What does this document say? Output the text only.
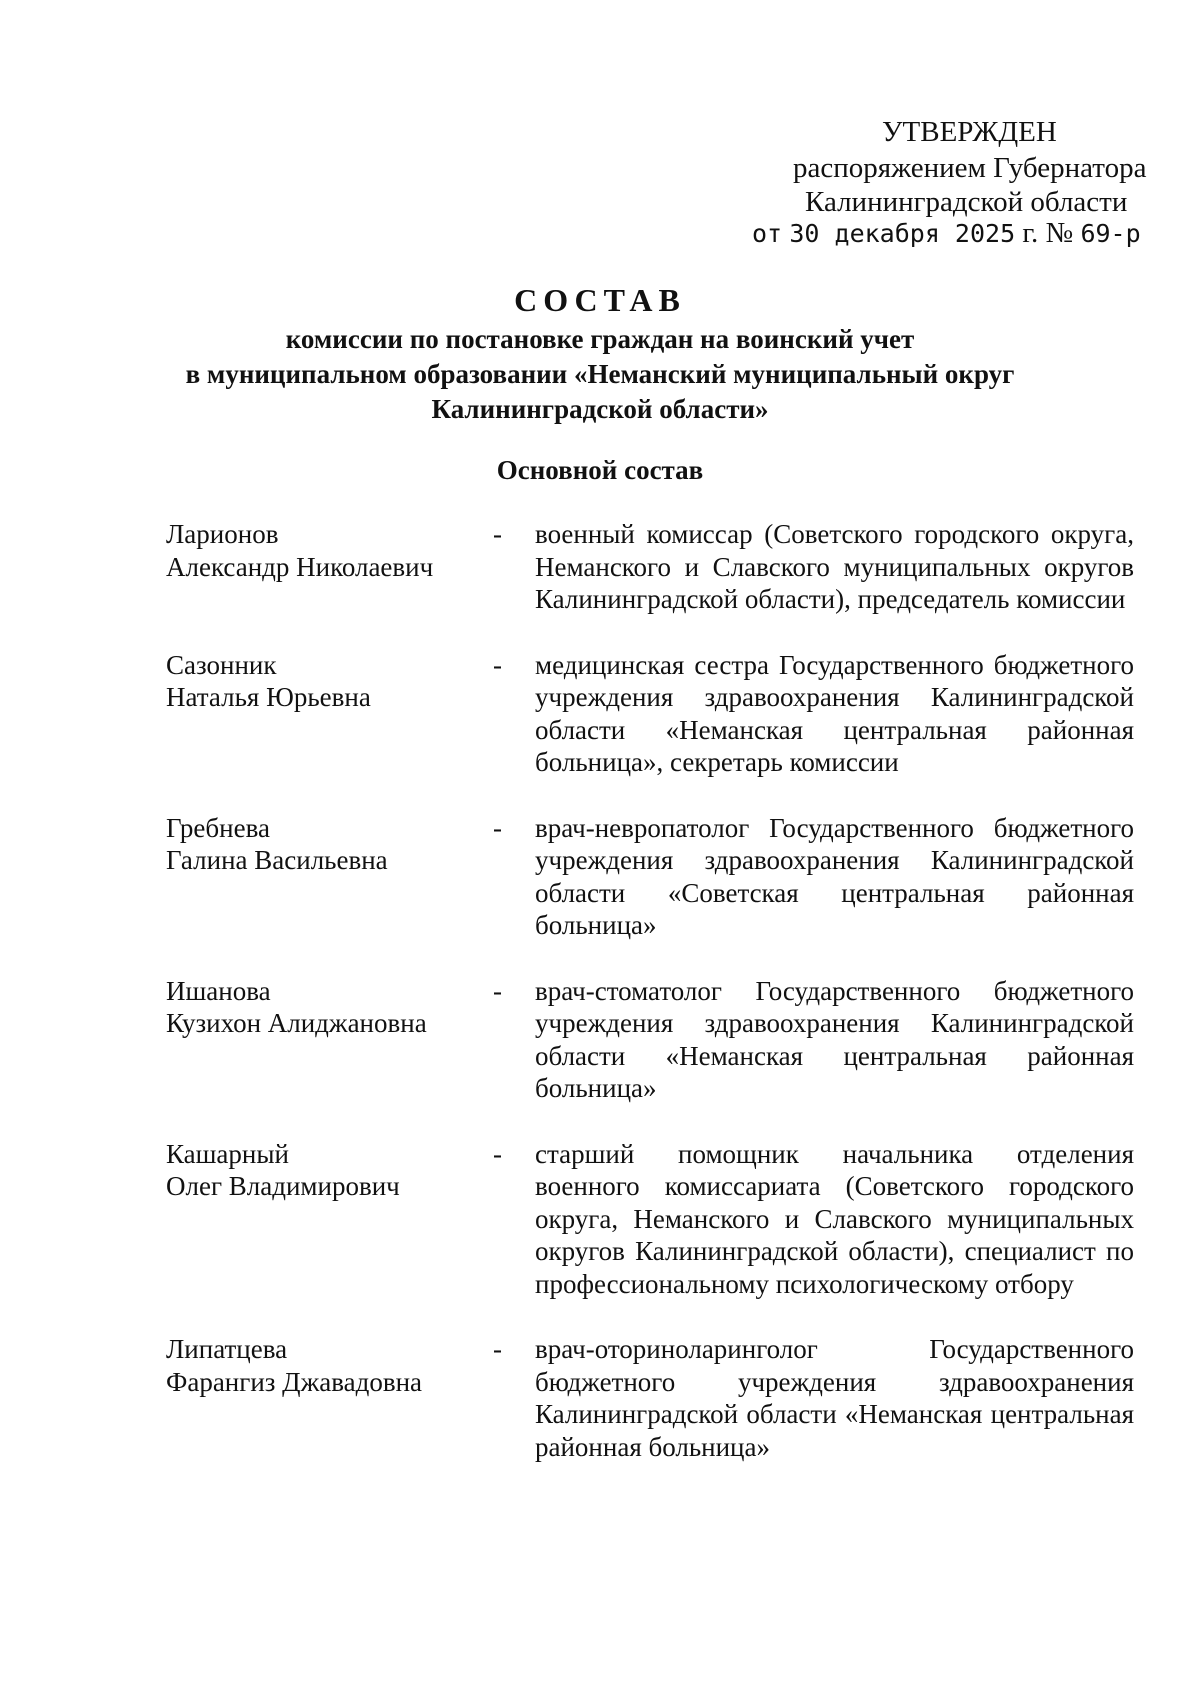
УТВЕРЖДЕН
распоряжением Губернатора
Калининградской области
от 30 декабря 2025 г. № 69-р
СОСТАВ
комиссии по постановке граждан на воинский учет
в муниципальном образовании «Неманский муниципальный округ
Калининградской области»
Основной состав
Ларионов
Александр Николаевич
- военный комиссар (Советского городского округа, Неманского и Славского муниципальных округов Калининградской области), председатель комиссии
Сазонник
Наталья Юрьевна
- медицинская сестра Государственного бюджетного учреждения здравоохранения Калининградской области «Неманская центральная районная больница», секретарь комиссии
Гребнева
Галина Васильевна
- врач-невропатолог Государственного бюджетного учреждения здравоохранения Калининградской области «Советская центральная районная больница»
Ишанова
Кузихон Алиджановна
- врач-стоматолог Государственного бюджетного учреждения здравоохранения Калининградской области «Неманская центральная районная больница»
Кашарный
Олег Владимирович
- старший помощник начальника отделения военного комиссариата (Советского городского округа, Неманского и Славского муниципальных округов Калининградской области), специалист по профессиональному психологическому отбору
Липатцева
Фарангиз Джавадовна
- врач-оториноларинголог Государственного бюджетного учреждения здравоохранения Калининградской области «Неманская центральная районная больница»
